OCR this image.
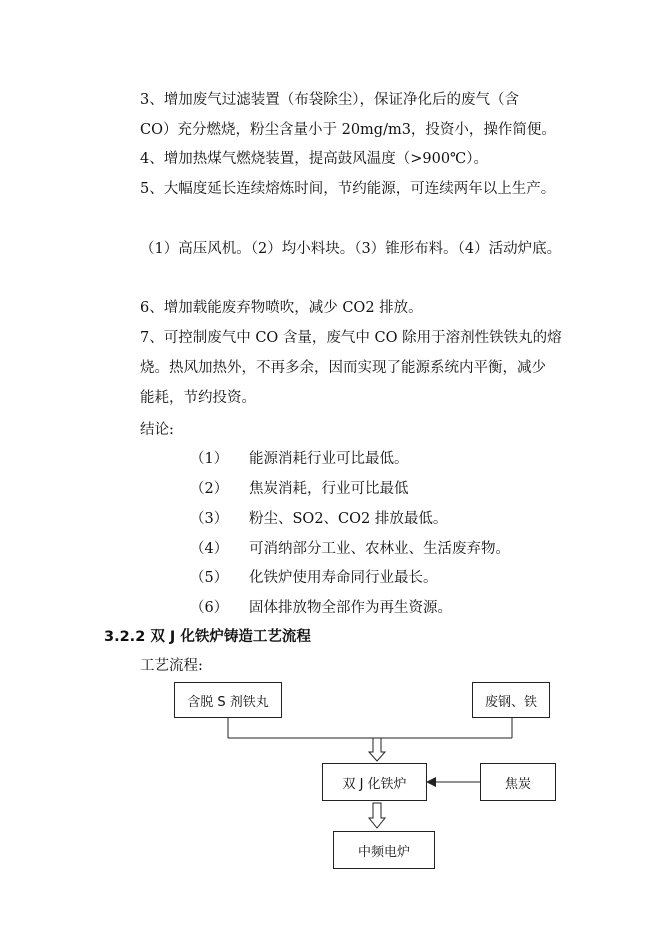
3、增加废气过滤装置（布袋除尘），保证净化后的废气（含
CO）充分燃烧，粉尘含量小于 20mg/m3，投资小，操作简便。
4、增加热煤气燃烧装置，提高鼓风温度（>900℃）。
5、大幅度延长连续熔炼时间，节约能源，可连续两年以上生产。
（1）高压风机。（2）均小料块。（3）锥形布料。（4）活动炉底。
6、增加载能废弃物喷吹，减少 CO2 排放。
7、可控制废气中 CO 含量，废气中 CO 除用于溶剂性铁铁丸的熔
烧。热风加热外，不再多余，因而实现了能源系统内平衡，减少
能耗，节约投资。
结论:
（1） 能源消耗行业可比最低。
（2） 焦炭消耗，行业可比最低
（3） 粉尘、SO2、CO2 排放最低。
（4） 可消纳部分工业、农林业、生活废弃物。
（5） 化铁炉使用寿命同行业最长。
（6） 固体排放物全部作为再生资源。
3.2.2 双 J 化铁炉铸造工艺流程
工艺流程:
含脱 S 剂铁丸	废钢、铁
双 J 化铁炉	焦炭
中频电炉
